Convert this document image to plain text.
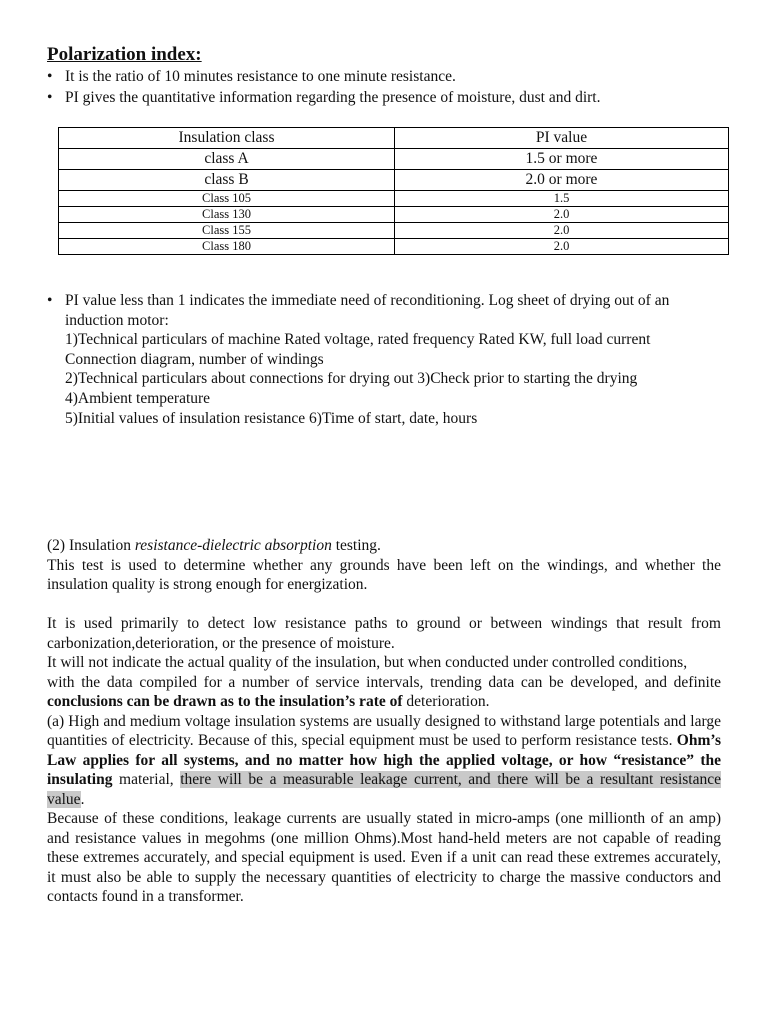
Polarization index:
• It is the ratio of 10 minutes resistance to one minute resistance.
• PI gives the quantitative information regarding the presence of moisture, dust and dirt.
Insulation class	PI value
class A	1.5 or more
class B	2.0 or more
Class 105	1.5
Class 130	2.0
Class 155	2.0
Class 180	2.0
• PI value less than 1 indicates the immediate need of reconditioning. Log sheet of drying out of an induction motor:
1)Technical particulars of machine Rated voltage, rated frequency Rated KW, full load current Connection diagram, number of windings
2)Technical particulars about connections for drying out 3)Check prior to starting the drying
4)Ambient temperature
5)Initial values of insulation resistance 6)Time of start, date, hours

(2) Insulation resistance-dielectric absorption testing.

This test is used to determine whether any grounds have been left on the windings, and whether the insulation quality is strong enough for energization.

It is used primarily to detect low resistance paths to ground or between windings that result from carbonization,deterioration, or the presence of moisture.

It will not indicate the actual quality of the insulation, but when conducted under controlled conditions,

with the data compiled for a number of service intervals, trending data can be developed, and definite conclusions can be drawn as to the insulation’s rate of deterioration.

(a) High and medium voltage insulation systems are usually designed to withstand large potentials and large quantities of electricity. Because of this, special equipment must be used to perform resistance tests. Ohm’s Law applies for all systems, and no matter how high the applied voltage, or how “resistance” the insulating material, there will be a measurable leakage current, and there will be a resultant resistance value.

Because of these conditions, leakage currents are usually stated in micro-amps (one millionth of an amp) and resistance values in megohms (one million Ohms).Most hand-held meters are not capable of reading these extremes accurately, and special equipment is used. Even if a unit can read these extremes accurately, it must also be able to supply the necessary quantities of electricity to charge the massive conductors and contacts found in a transformer.
